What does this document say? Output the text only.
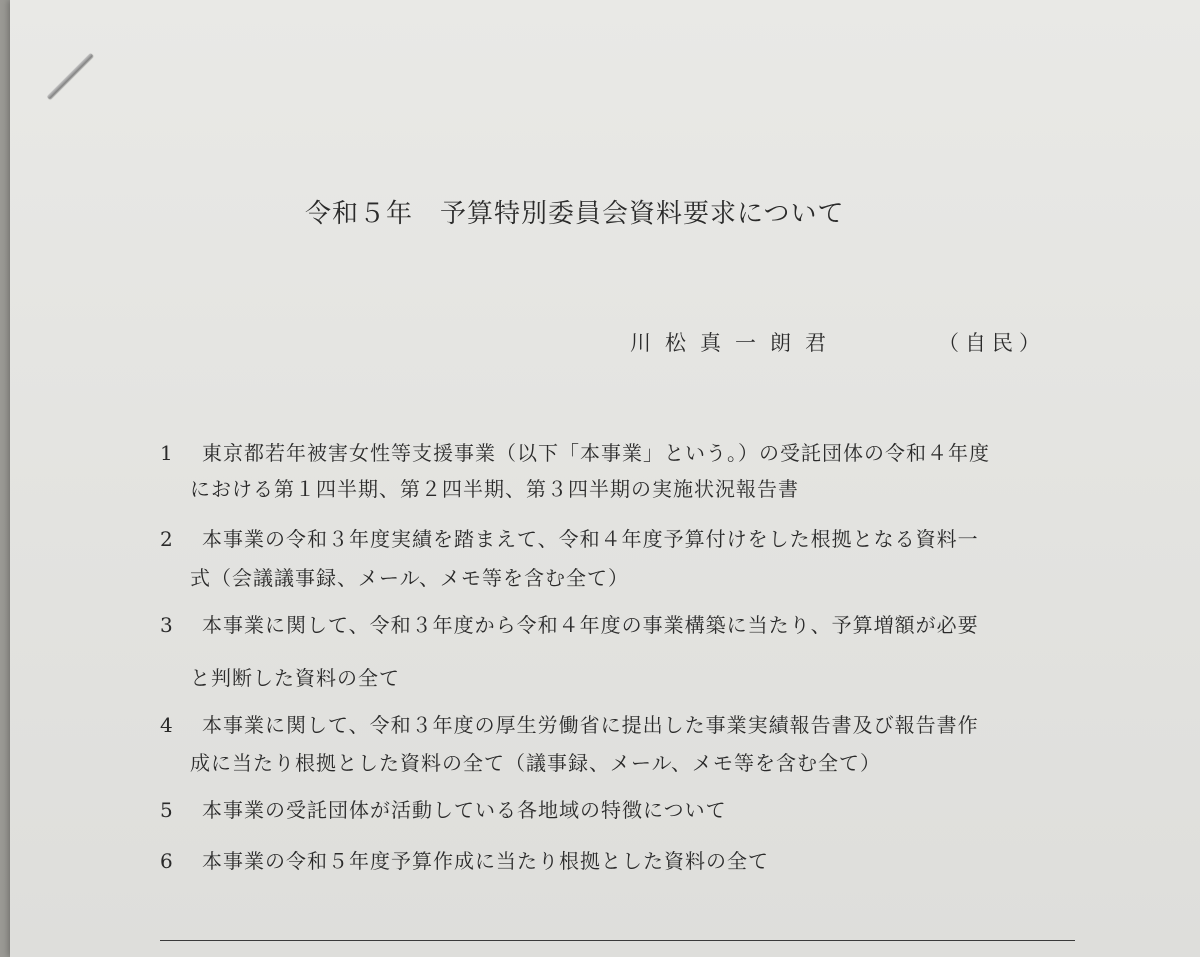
令和５年　予算特別委員会資料要求について
川松真一朗君	（自民）
1 東京都若年被害女性等支援事業（以下「本事業」という。）の受託団体の令和４年度
における第１四半期、第２四半期、第３四半期の実施状況報告書
2 本事業の令和３年度実績を踏まえて、令和４年度予算付けをした根拠となる資料一
式（会議議事録、メール、メモ等を含む全て）
3 本事業に関して、令和３年度から令和４年度の事業構築に当たり、予算増額が必要
と判断した資料の全て
4 本事業に関して、令和３年度の厚生労働省に提出した事業実績報告書及び報告書作
成に当たり根拠とした資料の全て（議事録、メール、メモ等を含む全て）
5 本事業の受託団体が活動している各地域の特徴について
6 本事業の令和５年度予算作成に当たり根拠とした資料の全て
